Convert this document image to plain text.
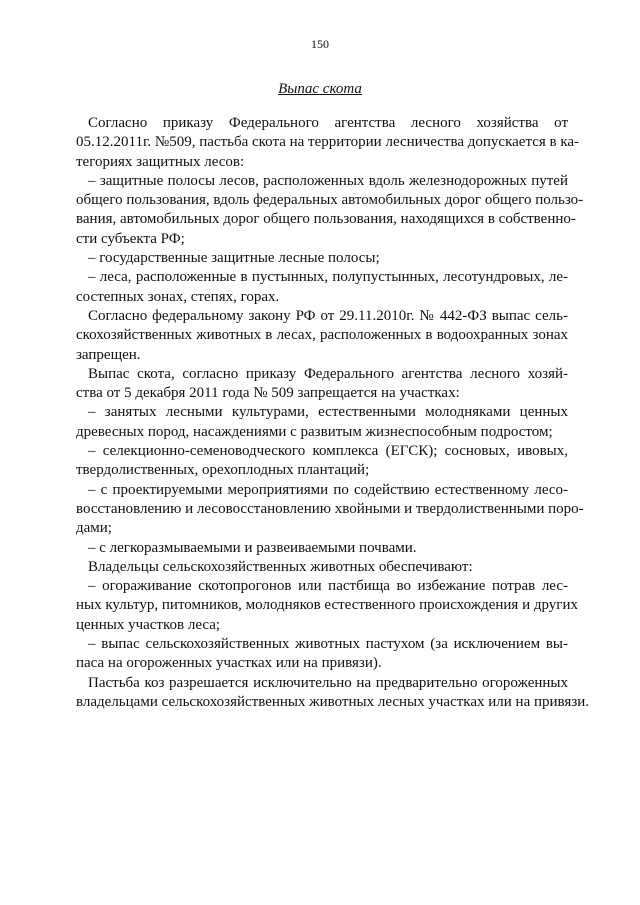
150
Выпас скота
Согласно приказу Федерального агентства лесного хозяйства от
05.12.2011г. №509, пастьба скота на территории лесничества допускается в ка-
тегориях защитных лесов:
– защитные полосы лесов, расположенных вдоль железнодорожных путей
общего пользования, вдоль федеральных автомобильных дорог общего пользо-
вания, автомобильных дорог общего пользования, находящихся в собственно-
сти субъекта РФ;
– государственные защитные лесные полосы;
– леса, расположенные в пустынных, полупустынных, лесотундровых, ле-
состепных зонах, степях, горах.
Согласно федеральному закону РФ от 29.11.2010г. № 442-ФЗ выпас сель-
скохозяйственных животных в лесах, расположенных в водоохранных зонах
запрещен.
Выпас скота, согласно приказу Федерального агентства лесного хозяй-
ства от 5 декабря 2011 года № 509 запрещается на участках:
– занятых лесными культурами, естественными молодняками ценных
древесных пород, насаждениями с развитым жизнеспособным подростом;
– селекционно-семеноводческого комплекса (ЕГСК); сосновых, ивовых,
твердолиственных, орехоплодных плантаций;
– с проектируемыми мероприятиями по содействию естественному лесо-
восстановлению и лесовосстановлению хвойными и твердолиственными поро-
дами;
– с легкоразмываемыми и развеиваемыми почвами.
Владельцы сельскохозяйственных животных обеспечивают:
– огораживание скотопрогонов или пастбища во избежание потрав лес-
ных культур, питомников, молодняков естественного происхождения и других
ценных участков леса;
– выпас сельскохозяйственных животных пастухом (за исключением вы-
паса на огороженных участках или на привязи).
Пастьба коз разрешается исключительно на предварительно огороженных
владельцами сельскохозяйственных животных лесных участках или на привязи.
